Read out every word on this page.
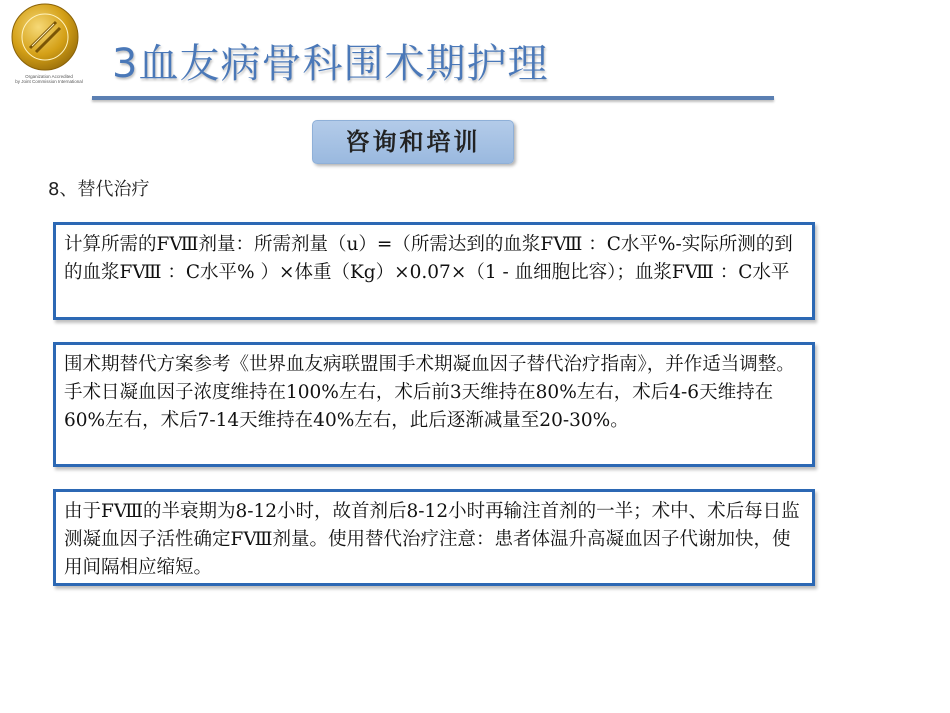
Organization Accredited
by Joint Commission International 3血友病骨科围术期护理
咨询和培训
8、替代治疗

计算所需的FⅧ剂量：所需剂量（u）=（所需达到的血浆FⅧ ：C水平%-实际所测的到的血浆FⅧ ：C水平% ）×体重（Kg）×0.07×（1 - 血细胞比容）；血浆FⅧ ：C水平

围术期替代方案参考《世界血友病联盟围手术期凝血因子替代治疗指南》，并作适当调整。手术日凝血因子浓度维持在100%左右，术后前3天维持在80%左右，术后4-6天维持在60%左右，术后7-14天维持在40%左右，此后逐渐减量至20-30%。

由于FⅧ的半衰期为8-12小时，故首剂后8-12小时再输注首剂的一半；术中、术后每日监测凝血因子活性确定FⅧ剂量。使用替代治疗注意：患者体温升高凝血因子代谢加快，使用间隔相应缩短。
